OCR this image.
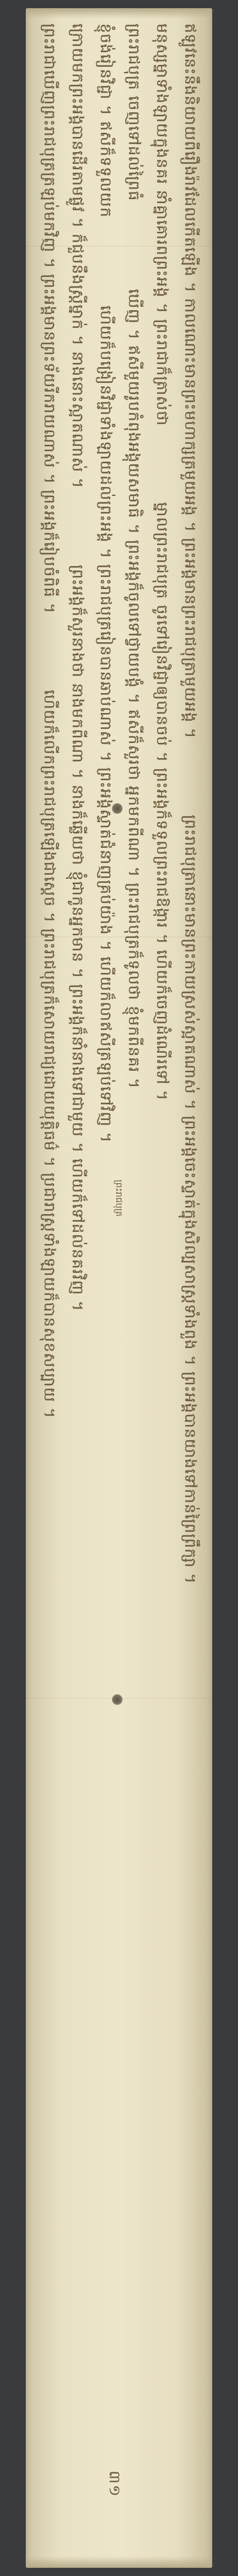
ឥឡូវនេះនឹងនិយាយពីរឿងរ៉ាវដែលកើតឡើង ។ កាលណោះមានព្រះមហាក្សត្រមួយអង្គ ។ ព្រះអង្គមានព្រះរាជបុត្រាមួយអង្គ ។ព្រះរាជបុត្រានោះមានព្រះកាយស្រស់ស្អាតណាស់ ។ ព្រះអង្គចេះស្ទាត់ក្នុងសិល្បសាស្ត្រទាំងពួង ។ ព្រះអង្គបានយាងទៅកាន់ព្រៃព្រឹក្សា ។
មនុស្សម្នាទាំងឡាយក្នុងនគរ នាំគ្នាគោរពព្រះអង្គ ។ ព្រះរាជាក៏ត្រាស់ថាម្នាលព្រះរាជបុត្រ ចូរទៅរៀនវិជ្ជាឲ្យបានចប់ ។ ព្រះអង្គក៏ទទួលព្រះរាជឱង្ការ ។ ហើយក៏ចេញដំណើរទៅ ។
ព្រះរាជបុត្រ ចេញទៅដល់ព្រៃធំឃើញ ។ ឥសីមួយរូបកំពុងអង្គុយសមាធិ ។ ព្រះអង្គក៏ចូលទៅថ្វាយបង្គំ ។ ឥសីក៏សួរថា អ្នកមកពីណា ។ ព្រះរាជបុត្រក៏ទូលថា ខ្ញុំមកពីនគរ ។
ខ្ញុំចង់រៀនវិជ្ជា ។ ឥសីក៏ទទួលយកហើយក៏បង្រៀនវិជ្ជាទាំងឡាយដល់ព្រះអង្គ ។ ព្រះរាជបុត្ររៀនបានឆាប់ណាស់ ។ ព្រះអង្គស្ទាត់ជំនាញគ្រប់យ៉ាង ។ ហើយក៏លាឥសីត្រឡប់ទៅវិញ ។
ក្រោយមកព្រះអង្គបានដើរតាមផ្លូវ ។ ក៏ជួបនឹងស្ត្រីម្នាក់ ។ នាងនោះស្អាតណាស់ ។ព្រះអង្គក៏សួរនាងថា នាងមកពីណា ។ នាងក៏ឆ្លើយថា ខ្ញុំជាកូនអ្នកមាន ។ ព្រះអង្គក៏នាំនាងទៅជាមួយ ។ ហើយក៏ទៅដល់នគរវិញ ។
ព្រះរាជាឃើញព្រះរាជបុត្រត្រឡប់មកវិញ ។ ព្រះអង្គមានព្រះទ័យរីករាយណាស់ ។ ព្រះអង្គក៏រៀបចំពិធី ។ហើយក៏លើកព្រះរាជបុត្រឡើងជាស្តេច ។ ព្រះរាជបុត្រក៏សោយរាជ្យដោយយុត្តិធម៌ ។ ប្រជារាស្ត្រទាំងឡាយក៏បានសុខសប្បាយ ។	ព្រះរាជបុត្រ
៣១
